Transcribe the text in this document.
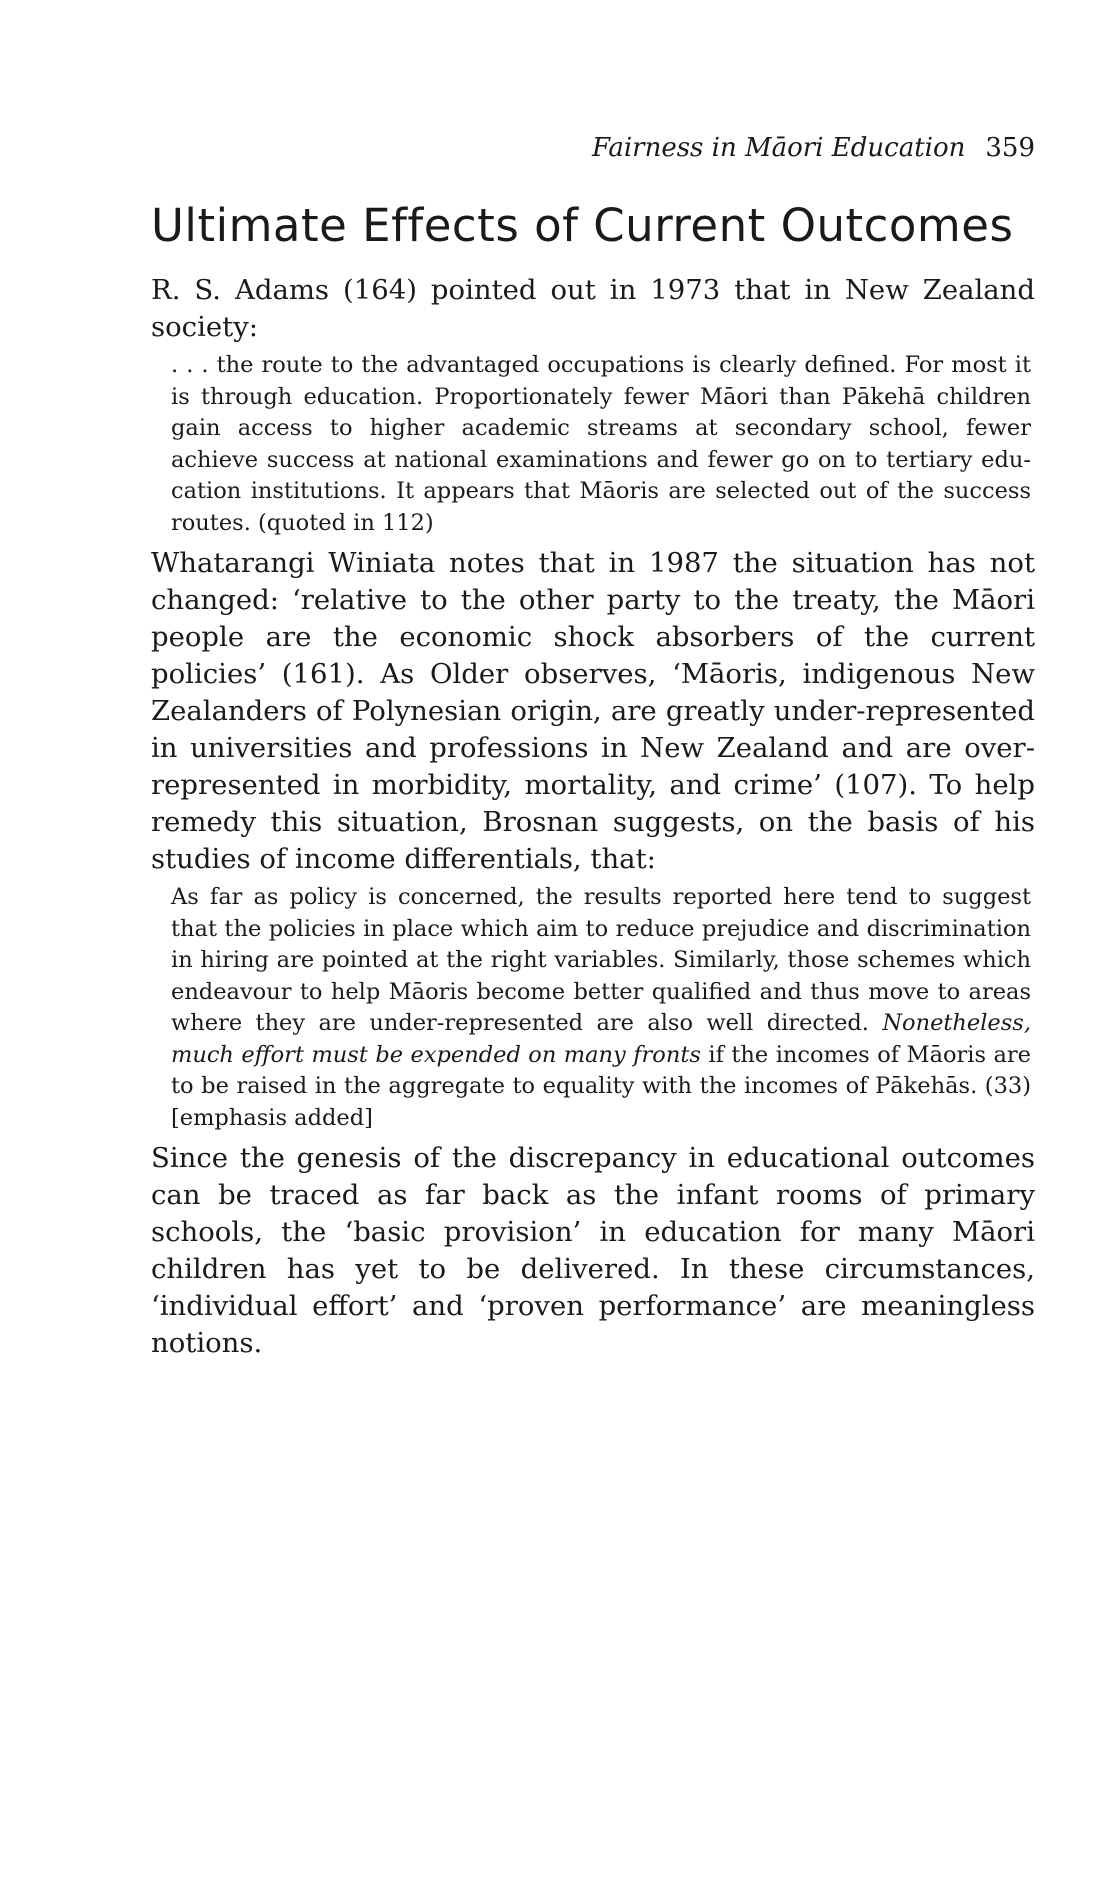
Fairness in Māori Education 359
Ultimate Effects of Current Outcomes

R. S. Adams (164) pointed out in 1973 that in New Zealand society:

. . . the route to the advantaged occupations is clearly defined. For most it is through education. Proportionately fewer Māori than Pākehā children gain access to higher academic streams at secondary school, fewer achieve success at national examinations and fewer go on to tertiary education institutions. It appears that Māoris are selected out of the success routes. (quoted in 112)

Whatarangi Winiata notes that in 1987 the situation has not changed: ‘relative to the other party to the treaty, the Māori people are the economic shock absorbers of the current policies’ (161). As Older observes, ‘Māoris, indigenous New Zealanders of Polynesian origin, are greatly under-represented in universities and professions in New Zealand and are over-represented in morbidity, mortality, and crime’ (107). To help remedy this situation, Brosnan suggests, on the basis of his studies of income differentials, that:

As far as policy is concerned, the results reported here tend to suggest that the policies in place which aim to reduce prejudice and discrimination in hiring are pointed at the right variables. Similarly, those schemes which endeavour to help Māoris become better qualified and thus move to areas where they are under-represented are also well directed. Nonetheless, much effort must be expended on many fronts if the incomes of Māoris are to be raised in the aggregate to equality with the incomes of Pākehās. (33) [emphasis added]

Since the genesis of the discrepancy in educational outcomes can be traced as far back as the infant rooms of primary schools, the ‘basic provision’ in education for many Māori children has yet to be delivered. In these circumstances, ‘individual effort’ and ‘proven performance’ are meaningless notions.
